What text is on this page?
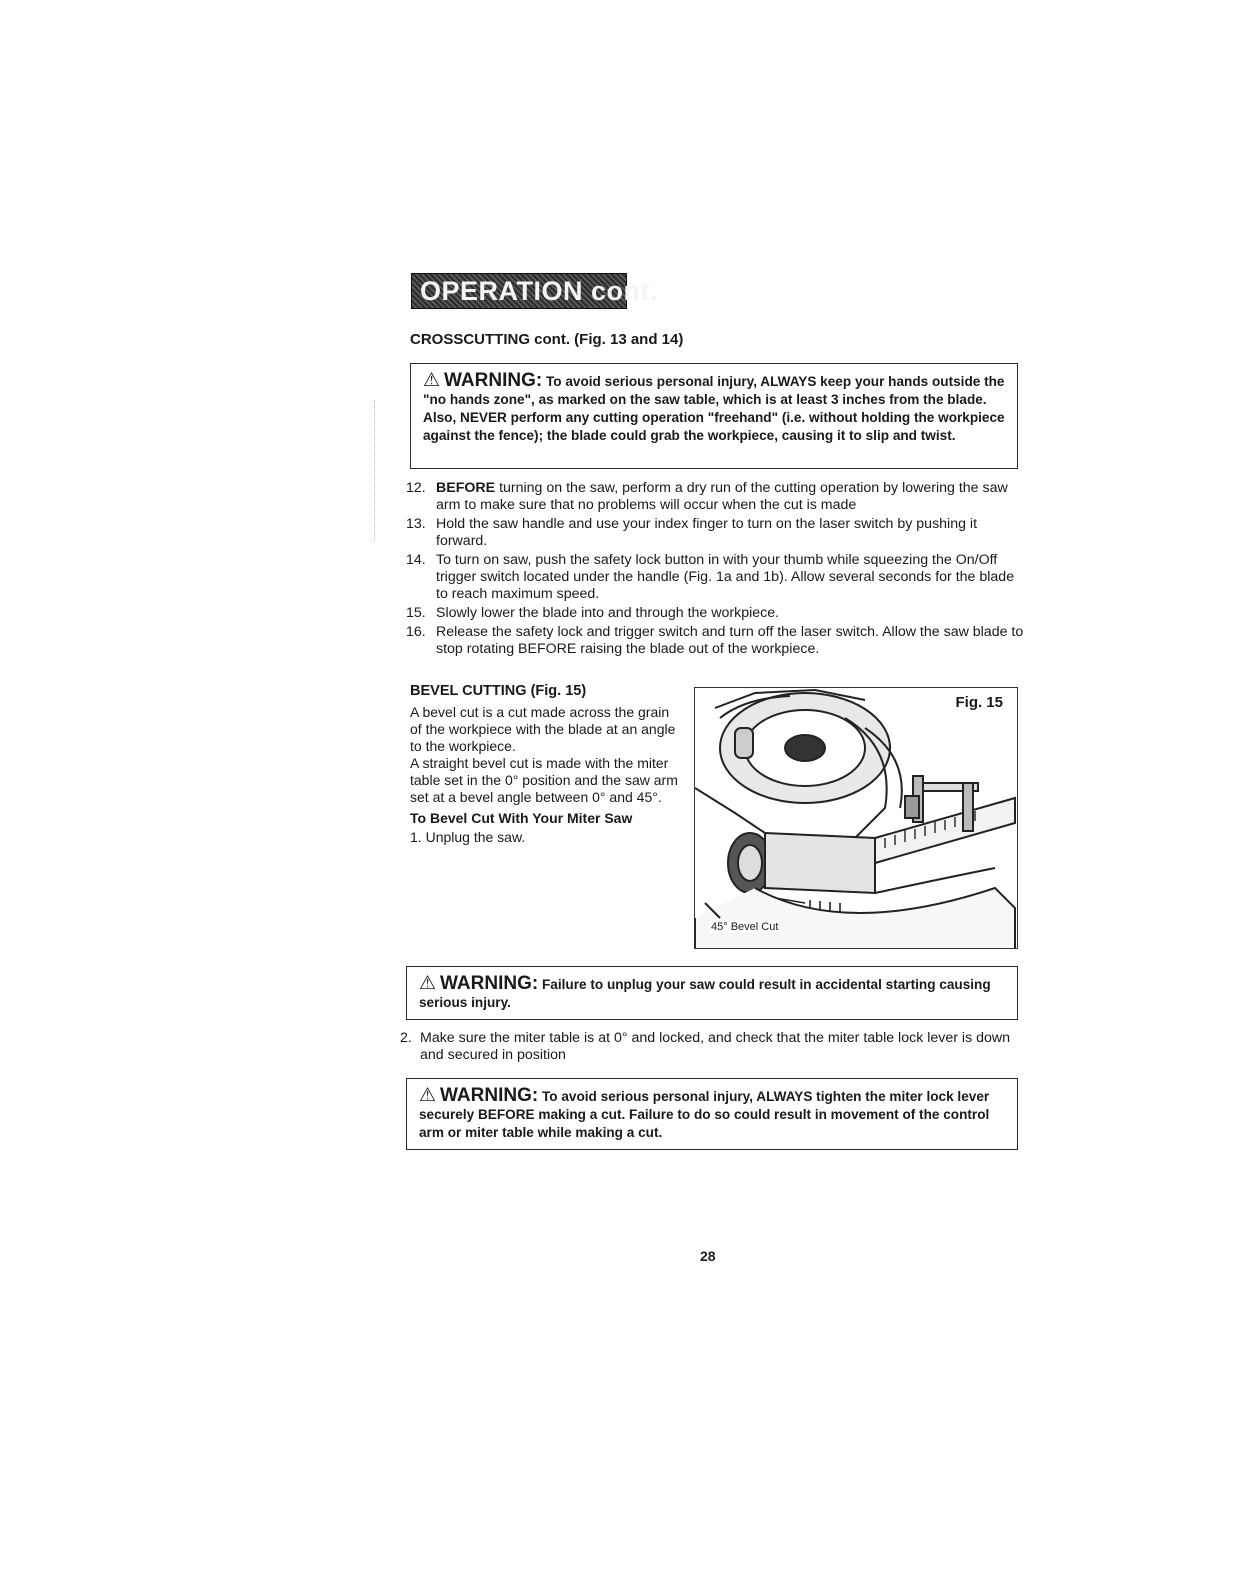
OPERATION cont.
CROSSCUTTING cont. (Fig. 13 and 14)
⚠ WARNING: To avoid serious personal injury, ALWAYS keep your hands outside the "no hands zone", as marked on the saw table, which is at least 3 inches from the blade. Also, NEVER perform any cutting operation "freehand" (i.e. without holding the workpiece against the fence); the blade could grab the workpiece, causing it to slip and twist.
12. BEFORE turning on the saw, perform a dry run of the cutting operation by lowering the saw arm to make sure that no problems will occur when the cut is made
13. Hold the saw handle and use your index finger to turn on the laser switch by pushing it forward.
14. To turn on saw, push the safety lock button in with your thumb while squeezing the On/Off trigger switch located under the handle (Fig. 1a and 1b). Allow several seconds for the blade to reach maximum speed.
15. Slowly lower the blade into and through the workpiece.
16. Release the safety lock and trigger switch and turn off the laser switch. Allow the saw blade to stop rotating BEFORE raising the blade out of the workpiece.
BEVEL CUTTING (Fig. 15)

A bevel cut is a cut made across the grain of the workpiece with the blade at an angle to the workpiece.

A straight bevel cut is made with the miter table set in the 0° position and the saw arm set at a bevel angle between 0° and 45°.

To Bevel Cut With Your Miter Saw

1. Unplug the saw.

Fig. 15
45° Bevel Cut
⚠ WARNING: Failure to unplug your saw could result in accidental starting causing serious injury.
2. Make sure the miter table is at 0° and locked, and check that the miter table lock lever is down and secured in position
⚠ WARNING: To avoid serious personal injury, ALWAYS tighten the miter lock lever securely BEFORE making a cut. Failure to do so could result in movement of the control arm or miter table while making a cut.
28
